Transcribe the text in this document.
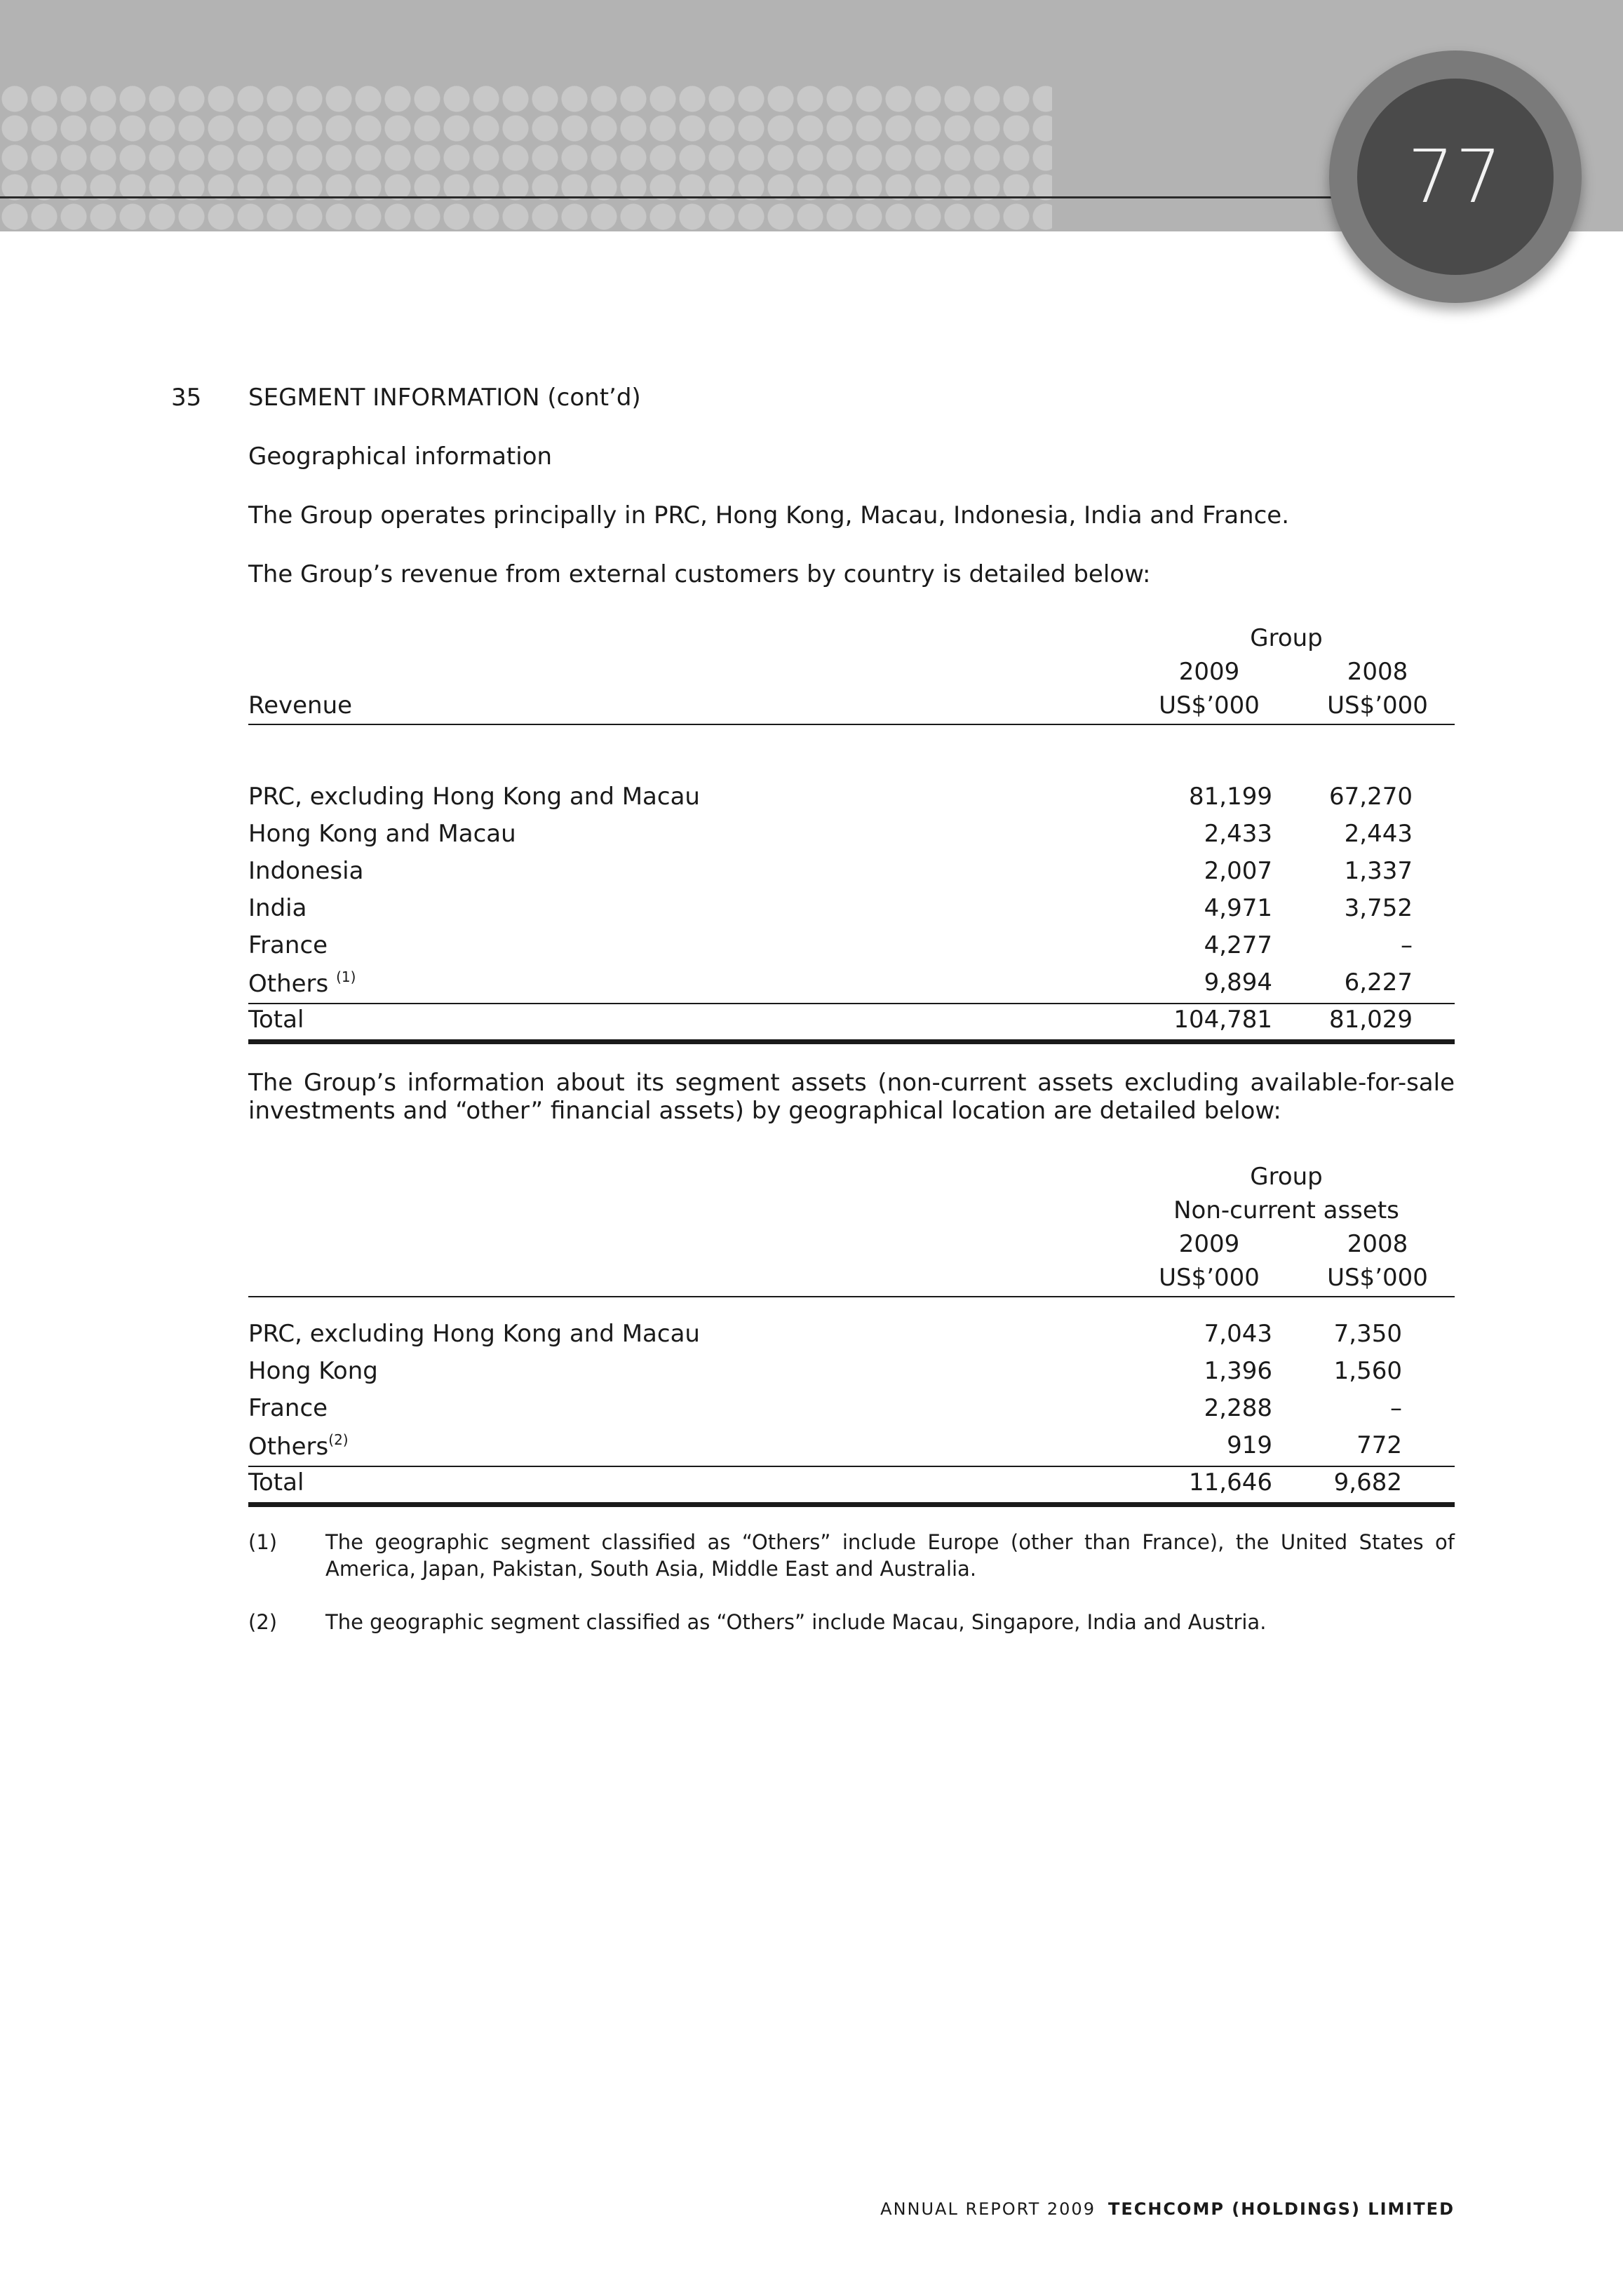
77
35 SEGMENT INFORMATION (cont’d)
Geographical information
The Group operates principally in PRC, Hong Kong, Macau, Indonesia, India and France.
The Group’s revenue from external customers by country is detailed below:
Group
2009	2008
Revenue	US$’000	US$’000
PRC, excluding Hong Kong and Macau	81,199	67,270
Hong Kong and Macau	2,433	2,443
Indonesia	2,007	1,337
India	4,971	3,752
France	4,277	–
Others $^{(1)}$	9,894	6,227
Total	104,781	81,029
The Group’s information about its segment assets (non-current assets excluding available-for-sale investments and “other” financial assets) by geographical location are detailed below:
Group
Non-current assets
2009	2008
US$’000	US$’000
PRC, excluding Hong Kong and Macau	7,043	7,350
Hong Kong	1,396	1,560
France	2,288	–
Others$^{(2)}$	919	772
Total	11,646	9,682
(1) The geographic segment classified as “Others” include Europe (other than France), the United States of America, Japan, Pakistan, South Asia, Middle East and Australia.
(2) The geographic segment classified as “Others” include Macau, Singapore, India and Austria.
ANNUAL REPORT 2009 TECHCOMP (HOLDINGS) LIMITED
